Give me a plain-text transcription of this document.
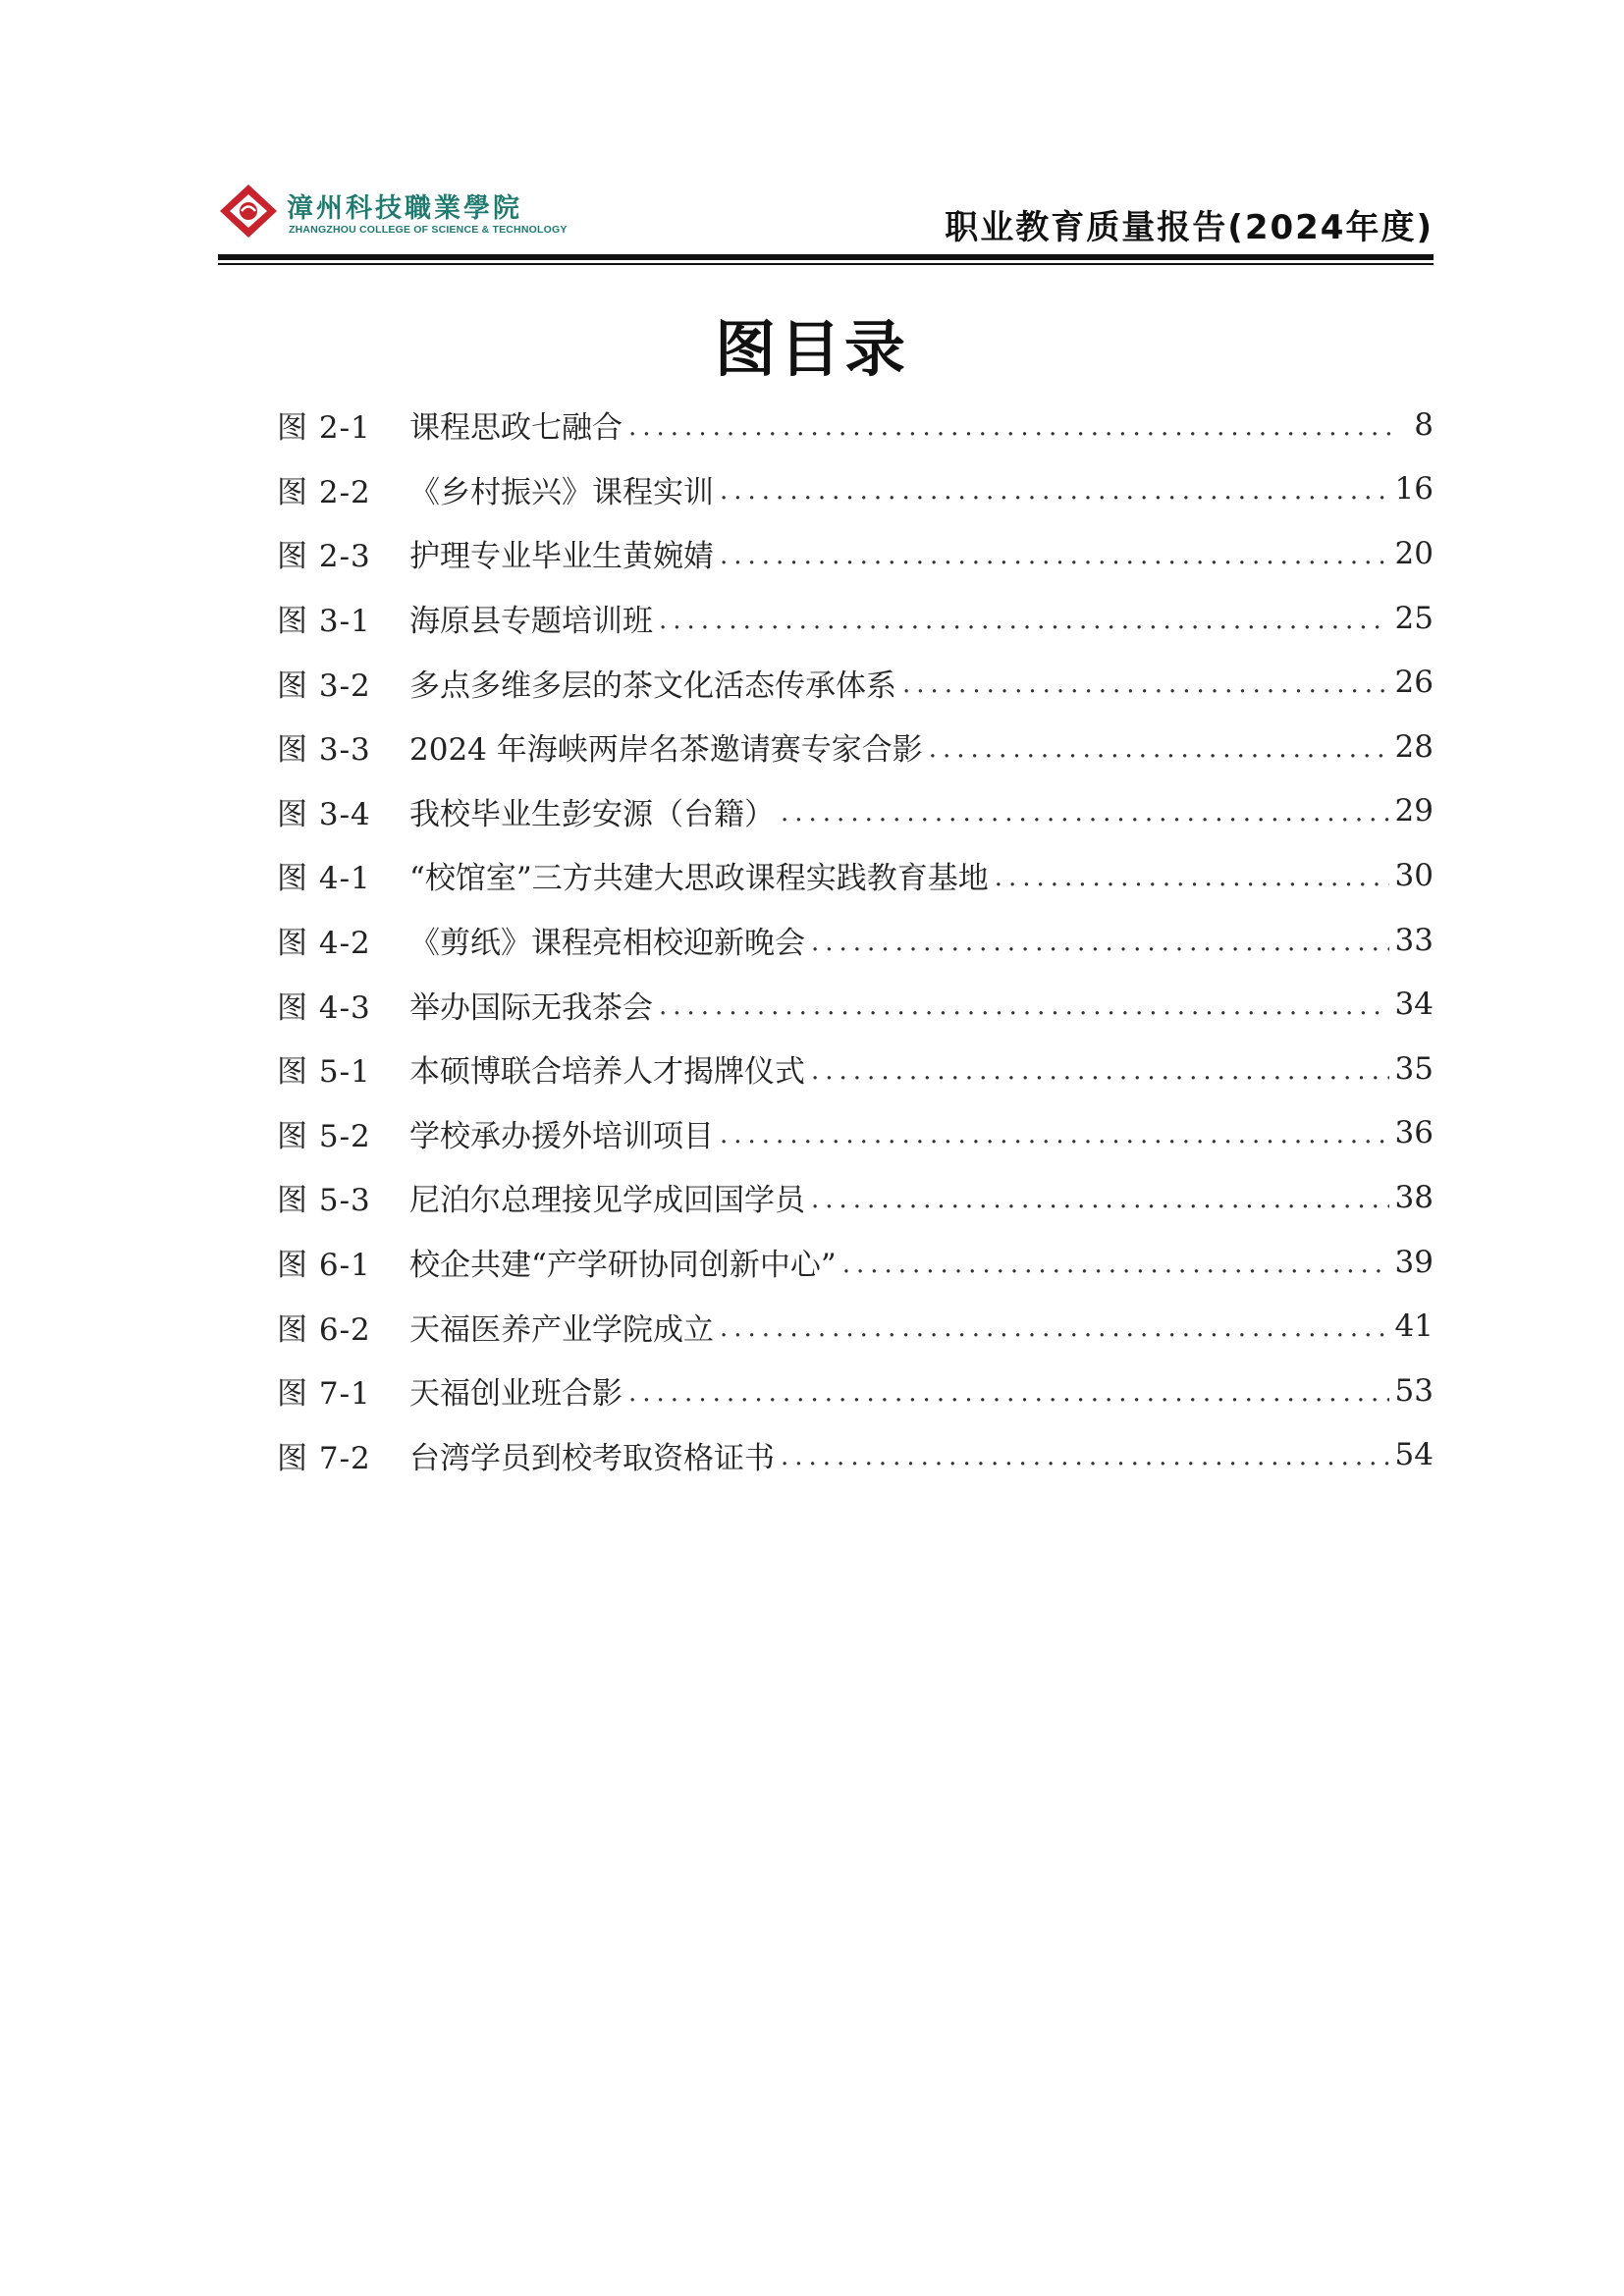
漳州科技職業學院
ZHANGZHOU COLLEGE OF SCIENCE & TECHNOLOGY	职业教育质量报告(2024年度)
图目录
图 2-1	课程思政七融合 .....	8
图 2-2	《乡村振兴》课程实训 .....	16
图 2-3	护理专业毕业生黄婉婧 .....	20
图 3-1	海原县专题培训班 .....	25
图 3-2	多点多维多层的茶文化活态传承体系 .....	26
图 3-3	2024 年海峡两岸名茶邀请赛专家合影 .....	28
图 3-4	我校毕业生彭安源（台籍） .....	29
图 4-1	“校馆室”三方共建大思政课程实践教育基地 .....	30
图 4-2	《剪纸》课程亮相校迎新晚会 .....	33
图 4-3	举办国际无我茶会 .....	34
图 5-1	本硕博联合培养人才揭牌仪式 .....	35
图 5-2	学校承办援外培训项目 .....	36
图 5-3	尼泊尔总理接见学成回国学员 .....	38
图 6-1	校企共建“产学研协同创新中心” .....	39
图 6-2	天福医养产业学院成立 .....	41
图 7-1	天福创业班合影 .....	53
图 7-2	台湾学员到校考取资格证书 .....	54
